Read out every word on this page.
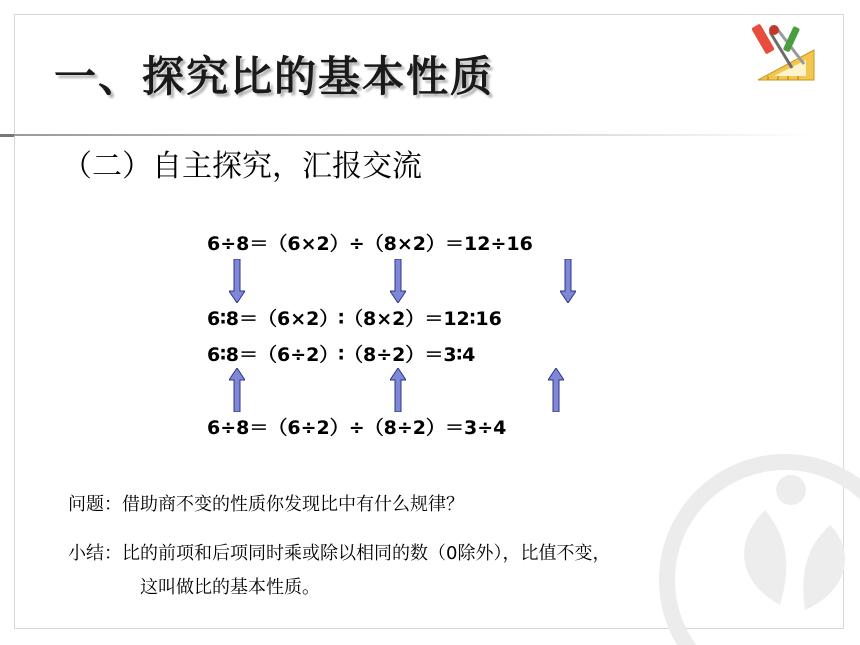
一、探究比的基本性质
（二）自主探究，汇报交流
6÷8＝（6×2）÷（8×2）＝12÷16
6∶8＝（6×2）∶（8×2）＝12∶16
6∶8＝（6÷2）∶（8÷2）＝3∶4
6÷8＝（6÷2）÷（8÷2）＝3÷4
问题：借助商不变的性质你发现比中有什么规律？
小结：比的前项和后项同时乘或除以相同的数（0除外），比值不变，
这叫做比的基本性质。
